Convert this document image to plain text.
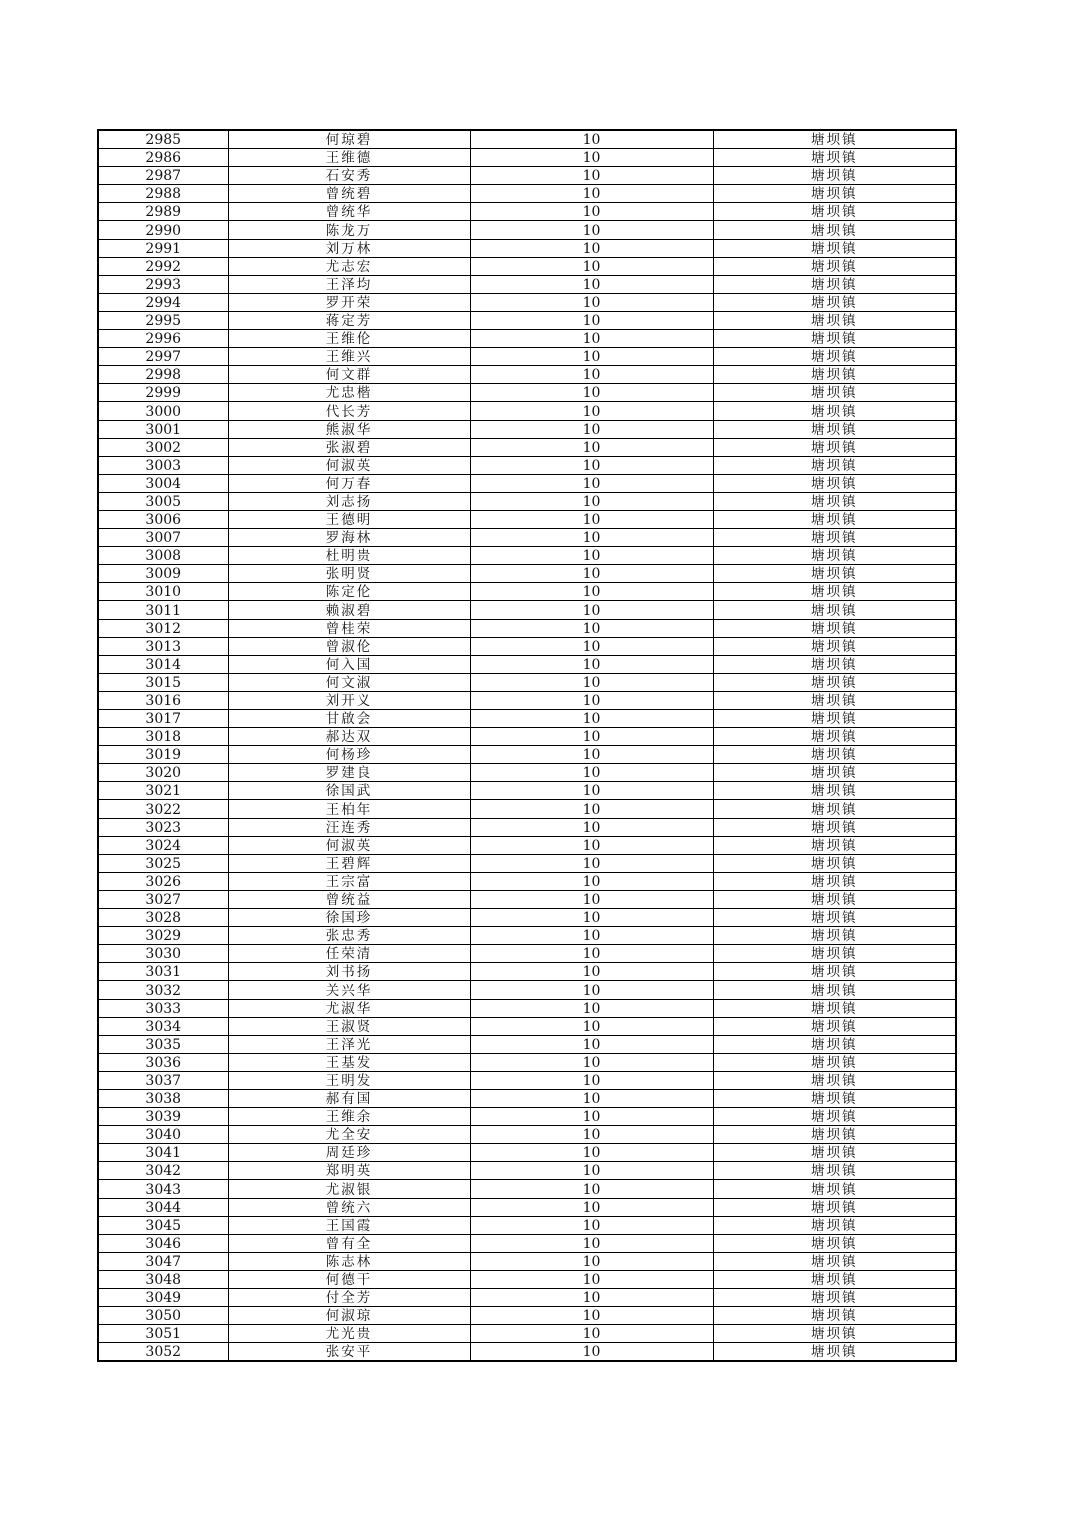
2985	何琼碧	10	塘坝镇
2986	王维德	10	塘坝镇
2987	石安秀	10	塘坝镇
2988	曾统碧	10	塘坝镇
2989	曾统华	10	塘坝镇
2990	陈龙万	10	塘坝镇
2991	刘万林	10	塘坝镇
2992	尤志宏	10	塘坝镇
2993	王泽均	10	塘坝镇
2994	罗开荣	10	塘坝镇
2995	蒋定芳	10	塘坝镇
2996	王维伦	10	塘坝镇
2997	王维兴	10	塘坝镇
2998	何文群	10	塘坝镇
2999	尤忠楷	10	塘坝镇
3000	代长芳	10	塘坝镇
3001	熊淑华	10	塘坝镇
3002	张淑碧	10	塘坝镇
3003	何淑英	10	塘坝镇
3004	何万春	10	塘坝镇
3005	刘志扬	10	塘坝镇
3006	王德明	10	塘坝镇
3007	罗海林	10	塘坝镇
3008	杜明贵	10	塘坝镇
3009	张明贤	10	塘坝镇
3010	陈定伦	10	塘坝镇
3011	赖淑碧	10	塘坝镇
3012	曾桂荣	10	塘坝镇
3013	曾淑伦	10	塘坝镇
3014	何入国	10	塘坝镇
3015	何文淑	10	塘坝镇
3016	刘开义	10	塘坝镇
3017	甘啟会	10	塘坝镇
3018	郝达双	10	塘坝镇
3019	何杨珍	10	塘坝镇
3020	罗建良	10	塘坝镇
3021	徐国武	10	塘坝镇
3022	王柏年	10	塘坝镇
3023	汪连秀	10	塘坝镇
3024	何淑英	10	塘坝镇
3025	王碧辉	10	塘坝镇
3026	王宗富	10	塘坝镇
3027	曾统益	10	塘坝镇
3028	徐国珍	10	塘坝镇
3029	张忠秀	10	塘坝镇
3030	任荣清	10	塘坝镇
3031	刘书扬	10	塘坝镇
3032	关兴华	10	塘坝镇
3033	尤淑华	10	塘坝镇
3034	王淑贤	10	塘坝镇
3035	王泽光	10	塘坝镇
3036	王基发	10	塘坝镇
3037	王明发	10	塘坝镇
3038	郝有国	10	塘坝镇
3039	王维余	10	塘坝镇
3040	尤全安	10	塘坝镇
3041	周廷珍	10	塘坝镇
3042	郑明英	10	塘坝镇
3043	尤淑银	10	塘坝镇
3044	曾统六	10	塘坝镇
3045	王国霞	10	塘坝镇
3046	曾有全	10	塘坝镇
3047	陈志林	10	塘坝镇
3048	何德干	10	塘坝镇
3049	付全芳	10	塘坝镇
3050	何淑琼	10	塘坝镇
3051	尤光贵	10	塘坝镇
3052	张安平	10	塘坝镇
